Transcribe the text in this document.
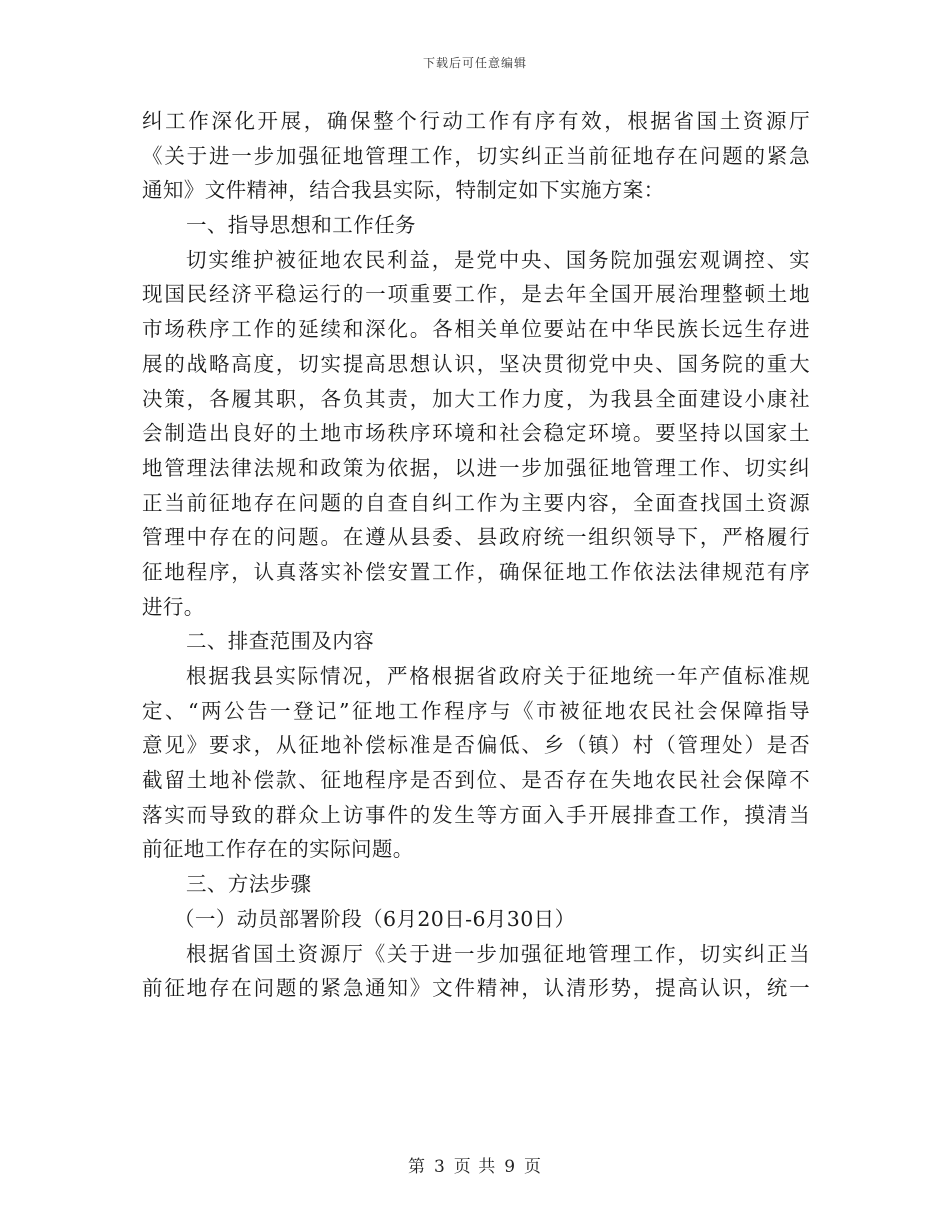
下载后可任意编辑
纠工作深化开展，确保整个行动工作有序有效，根据省国土资源厅
《关于进一步加强征地管理工作，切实纠正当前征地存在问题的紧急
通知》文件精神，结合我县实际，特制定如下实施方案：
一、指导思想和工作任务
切实维护被征地农民利益，是党中央、国务院加强宏观调控、实
现国民经济平稳运行的一项重要工作，是去年全国开展治理整顿土地
市场秩序工作的延续和深化。各相关单位要站在中华民族长远生存进
展的战略高度，切实提高思想认识，坚决贯彻党中央、国务院的重大
决策，各履其职，各负其责，加大工作力度，为我县全面建设小康社
会制造出良好的土地市场秩序环境和社会稳定环境。要坚持以国家土
地管理法律法规和政策为依据，以进一步加强征地管理工作、切实纠
正当前征地存在问题的自查自纠工作为主要内容，全面查找国土资源
管理中存在的问题。在遵从县委、县政府统一组织领导下，严格履行
征地程序，认真落实补偿安置工作，确保征地工作依法法律规范有序
进行。
二、排查范围及内容
根据我县实际情况，严格根据省政府关于征地统一年产值标准规
定、“两公告一登记”征地工作程序与《市被征地农民社会保障指导
意见》要求，从征地补偿标准是否偏低、乡（镇）村（管理处）是否
截留土地补偿款、征地程序是否到位、是否存在失地农民社会保障不
落实而导致的群众上访事件的发生等方面入手开展排查工作，摸清当
前征地工作存在的实际问题。
三、方法步骤
（一）动员部署阶段（6月20日-6月30日）
根据省国土资源厅《关于进一步加强征地管理工作，切实纠正当
前征地存在问题的紧急通知》文件精神，认清形势，提高认识，统一
第 3 页 共 9 页
